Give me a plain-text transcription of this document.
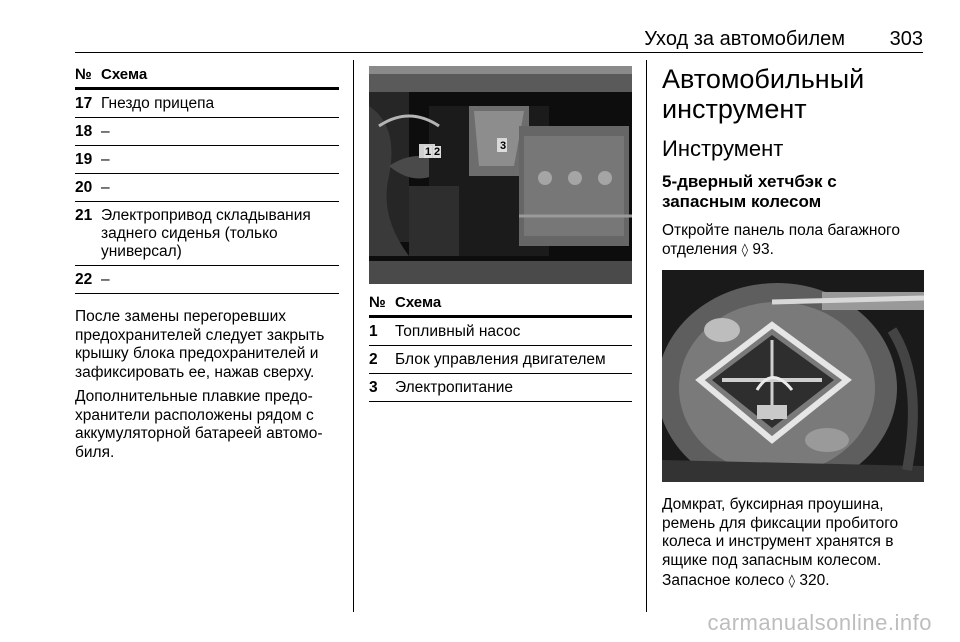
Уход за автомобилем 303
№ Схема
17 Гнездо прицепа
18 –
19 –
20 –
21 Электропривод складывания заднего сиденья (только универсал)
22 –
После замены перегоревших предохранителей следует закрыть крышку блока предохранителей и зафиксировать ее, нажав сверху.
Дополнительные плавкие предо- хранители расположены рядом с аккумуляторной батареей автомо- биля.
1 2	3
№ Схема
1	Топливный насос
2	Блок управления двигателем
3	Электропитание
Автомобильный инструмент
Инструмент
5-дверный хетчбэк с запасным колесом
Откройте панель пола багажного отделения ◊ 93.
Домкрат, буксирная проушина, ремень для фиксации пробитого колеса и инструмент хранятся в ящике под запасным колесом.
Запасное колесо ◊ 320.
carmanualsonline.info
